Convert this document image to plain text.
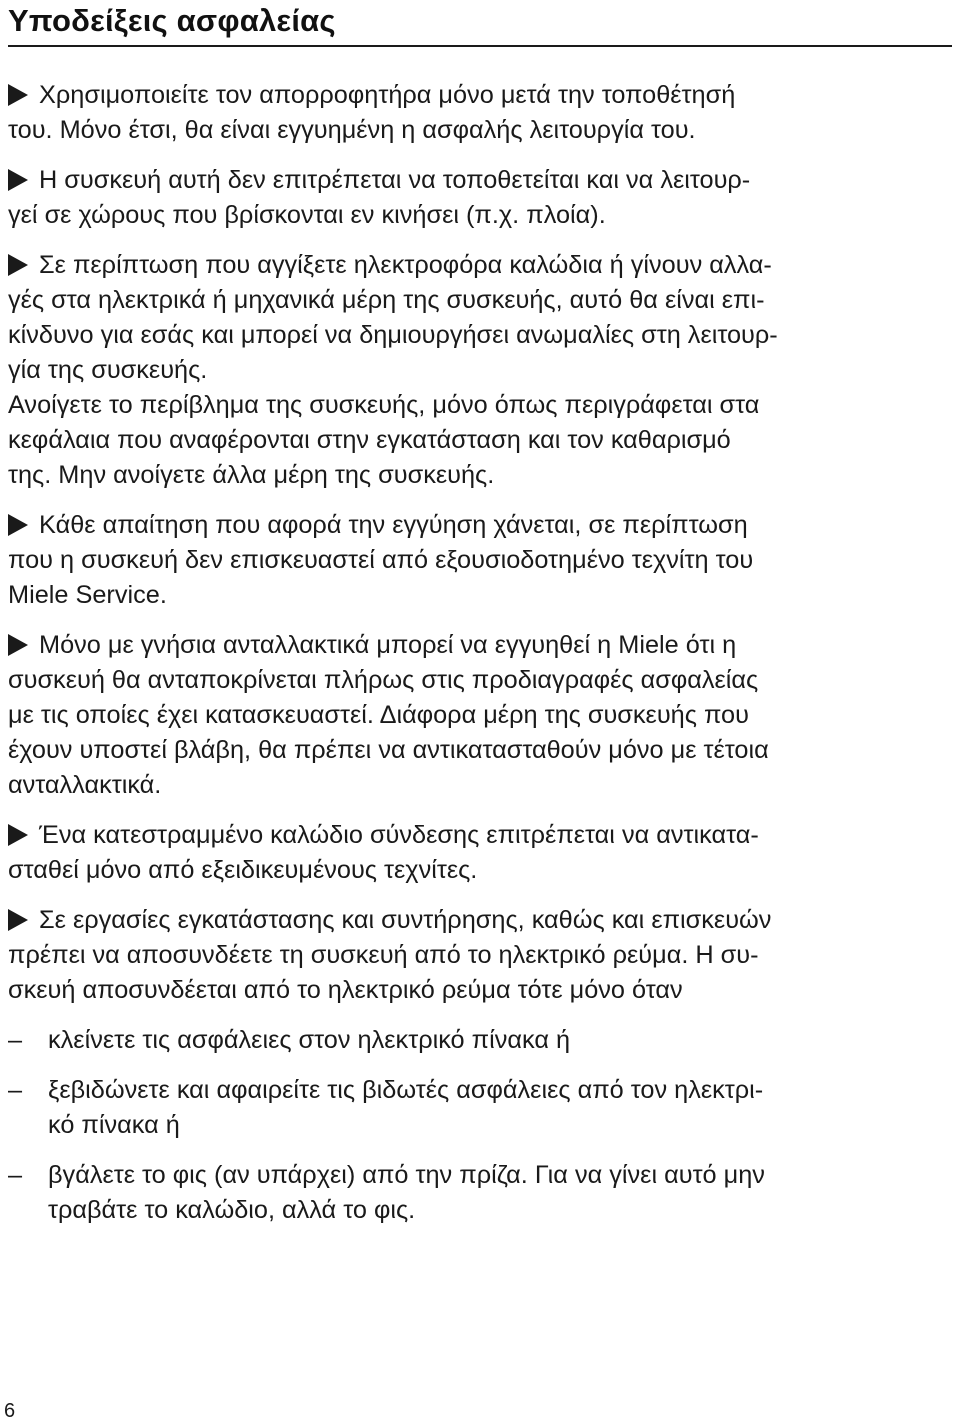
Υποδείξεις ασφαλείας

Χρησιμοποιείτε τον απορροφητήρα μόνο μετά την τοποθέτησή
του. Μόνο έτσι, θα είναι εγγυημένη η ασφαλής λειτουργία του.

Η συσκευή αυτή δεν επιτρέπεται να τοποθετείται και να λειτουρ-
γεί σε χώρους που βρίσκονται εν κινήσει (π.χ. πλοία).

Σε περίπτωση που αγγίξετε ηλεκτροφόρα καλώδια ή γίνουν αλλα-
γές στα ηλεκτρικά ή μηχανικά μέρη της συσκευής, αυτό θα είναι επι-
κίνδυνο για εσάς και μπορεί να δημιουργήσει ανωμαλίες στη λειτουρ-
γία της συσκευής.

Ανοίγετε το περίβλημα της συσκευής, μόνο όπως περιγράφεται στα
κεφάλαια που αναφέρονται στην εγκατάσταση και τον καθαρισμό
της. Μην ανοίγετε άλλα μέρη της συσκευής.

Κάθε απαίτηση που αφορά την εγγύηση χάνεται, σε περίπτωση
που η συσκευή δεν επισκευαστεί από εξουσιοδοτημένο τεχνίτη του
Miele Service.

Μόνο με γνήσια ανταλλακτικά μπορεί να εγγυηθεί η Miele ότι η
συσκευή θα ανταποκρίνεται πλήρως στις προδιαγραφές ασφαλείας
με τις οποίες έχει κατασκευαστεί. Διάφορα μέρη της συσκευής που
έχουν υποστεί βλάβη, θα πρέπει να αντικατασταθούν μόνο με τέτοια
ανταλλακτικά.

Ένα κατεστραμμένο καλώδιο σύνδεσης επιτρέπεται να αντικατα-
σταθεί μόνο από εξειδικευμένους τεχνίτες.

Σε εργασίες εγκατάστασης και συντήρησης, καθώς και επισκευών
πρέπει να αποσυνδέετε τη συσκευή από το ηλεκτρικό ρεύμα. Η συ-
σκευή αποσυνδέεται από το ηλεκτρικό ρεύμα τότε μόνο όταν

– κλείνετε τις ασφάλειες στον ηλεκτρικό πίνακα ή
– ξεβιδώνετε και αφαιρείτε τις βιδωτές ασφάλειες από τον ηλεκτρι-
κό πίνακα ή
– βγάλετε το φις (αν υπάρχει) από την πρίζα. Για να γίνει αυτό μην
τραβάτε το καλώδιο, αλλά το φις.
6
